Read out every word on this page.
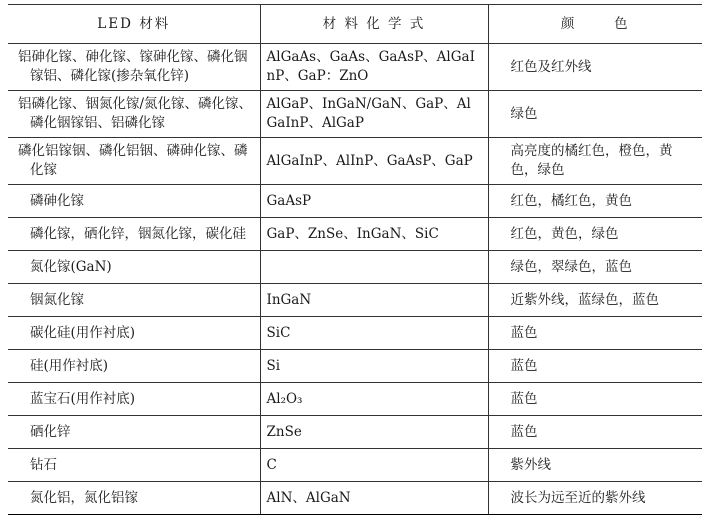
LED 材料	材 料 化 学 式	颜      色
铝砷化镓、砷化镓、镓砷化镓、磷化铟镓铝、磷化镓(掺杂氧化锌)	AlGaAs、GaAs、GaAsP、AlGaInP、GaP：ZnO	红色及红外线
铝磷化镓、铟氮化镓/氮化镓、磷化镓、磷化铟镓铝、铝磷化镓	AlGaP、InGaN/GaN、GaP、AlGaInP、AlGaP	绿色
磷化铝镓铟、磷化铝铟、磷砷化镓、磷化镓	AlGaInP、AlInP、GaAsP、GaP	高亮度的橘红色，橙色，黄色，绿色
磷砷化镓	GaAsP	红色，橘红色，黄色
磷化镓，硒化锌，铟氮化镓，碳化硅	GaP、ZnSe、InGaN、SiC	红色，黄色，绿色
氮化镓(GaN)		绿色，翠绿色，蓝色
铟氮化镓	InGaN	近紫外线，蓝绿色，蓝色
碳化硅(用作衬底)	SiC	蓝色
硅(用作衬底)	Si	蓝色
蓝宝石(用作衬底)	Al₂O₃	蓝色
硒化锌	ZnSe	蓝色
钻石	C	紫外线
氮化铝，氮化铝镓	AlN、AlGaN	波长为远至近的紫外线
